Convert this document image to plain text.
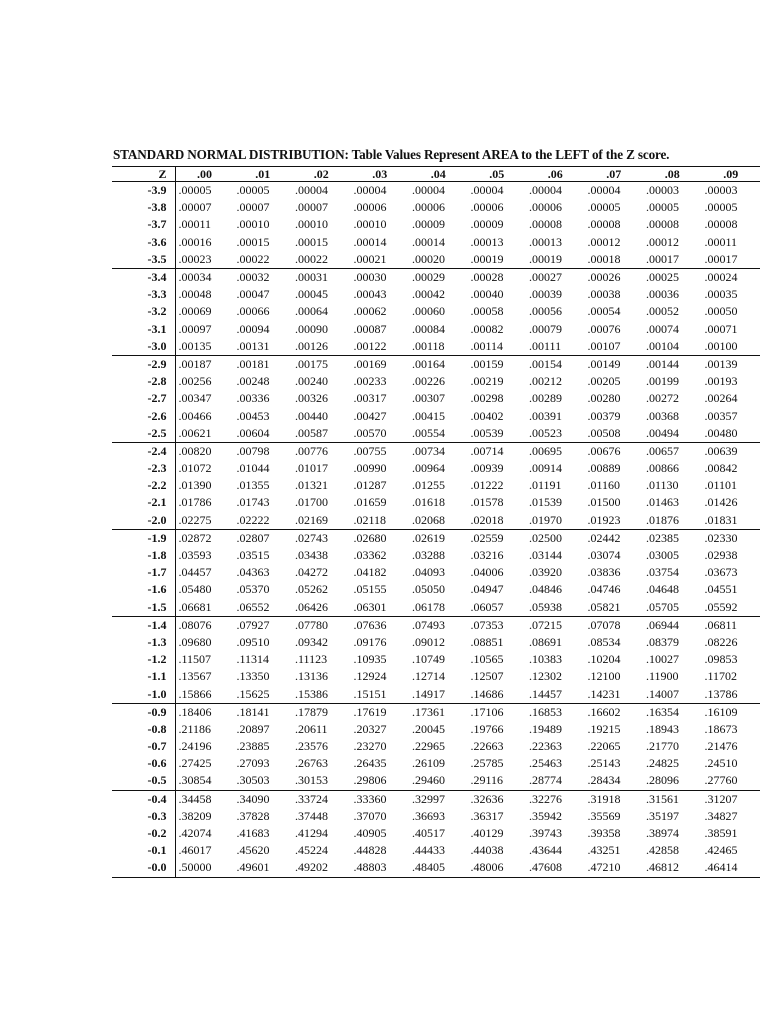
STANDARD NORMAL DISTRIBUTION: Table Values Represent AREA to the LEFT of the Z score.
Z	.00	.01	.02	.03	.04	.05	.06	.07	.08	.09
-3.9	.00005	.00005	.00004	.00004	.00004	.00004	.00004	.00004	.00003	.00003
-3.8	.00007	.00007	.00007	.00006	.00006	.00006	.00006	.00005	.00005	.00005
-3.7	.00011	.00010	.00010	.00010	.00009	.00009	.00008	.00008	.00008	.00008
-3.6	.00016	.00015	.00015	.00014	.00014	.00013	.00013	.00012	.00012	.00011
-3.5	.00023	.00022	.00022	.00021	.00020	.00019	.00019	.00018	.00017	.00017
-3.4	.00034	.00032	.00031	.00030	.00029	.00028	.00027	.00026	.00025	.00024
-3.3	.00048	.00047	.00045	.00043	.00042	.00040	.00039	.00038	.00036	.00035
-3.2	.00069	.00066	.00064	.00062	.00060	.00058	.00056	.00054	.00052	.00050
-3.1	.00097	.00094	.00090	.00087	.00084	.00082	.00079	.00076	.00074	.00071
-3.0	.00135	.00131	.00126	.00122	.00118	.00114	.00111	.00107	.00104	.00100
-2.9	.00187	.00181	.00175	.00169	.00164	.00159	.00154	.00149	.00144	.00139
-2.8	.00256	.00248	.00240	.00233	.00226	.00219	.00212	.00205	.00199	.00193
-2.7	.00347	.00336	.00326	.00317	.00307	.00298	.00289	.00280	.00272	.00264
-2.6	.00466	.00453	.00440	.00427	.00415	.00402	.00391	.00379	.00368	.00357
-2.5	.00621	.00604	.00587	.00570	.00554	.00539	.00523	.00508	.00494	.00480
-2.4	.00820	.00798	.00776	.00755	.00734	.00714	.00695	.00676	.00657	.00639
-2.3	.01072	.01044	.01017	.00990	.00964	.00939	.00914	.00889	.00866	.00842
-2.2	.01390	.01355	.01321	.01287	.01255	.01222	.01191	.01160	.01130	.01101
-2.1	.01786	.01743	.01700	.01659	.01618	.01578	.01539	.01500	.01463	.01426
-2.0	.02275	.02222	.02169	.02118	.02068	.02018	.01970	.01923	.01876	.01831
-1.9	.02872	.02807	.02743	.02680	.02619	.02559	.02500	.02442	.02385	.02330
-1.8	.03593	.03515	.03438	.03362	.03288	.03216	.03144	.03074	.03005	.02938
-1.7	.04457	.04363	.04272	.04182	.04093	.04006	.03920	.03836	.03754	.03673
-1.6	.05480	.05370	.05262	.05155	.05050	.04947	.04846	.04746	.04648	.04551
-1.5	.06681	.06552	.06426	.06301	.06178	.06057	.05938	.05821	.05705	.05592
-1.4	.08076	.07927	.07780	.07636	.07493	.07353	.07215	.07078	.06944	.06811
-1.3	.09680	.09510	.09342	.09176	.09012	.08851	.08691	.08534	.08379	.08226
-1.2	.11507	.11314	.11123	.10935	.10749	.10565	.10383	.10204	.10027	.09853
-1.1	.13567	.13350	.13136	.12924	.12714	.12507	.12302	.12100	.11900	.11702
-1.0	.15866	.15625	.15386	.15151	.14917	.14686	.14457	.14231	.14007	.13786
-0.9	.18406	.18141	.17879	.17619	.17361	.17106	.16853	.16602	.16354	.16109
-0.8	.21186	.20897	.20611	.20327	.20045	.19766	.19489	.19215	.18943	.18673
-0.7	.24196	.23885	.23576	.23270	.22965	.22663	.22363	.22065	.21770	.21476
-0.6	.27425	.27093	.26763	.26435	.26109	.25785	.25463	.25143	.24825	.24510
-0.5	.30854	.30503	.30153	.29806	.29460	.29116	.28774	.28434	.28096	.27760
-0.4	.34458	.34090	.33724	.33360	.32997	.32636	.32276	.31918	.31561	.31207
-0.3	.38209	.37828	.37448	.37070	.36693	.36317	.35942	.35569	.35197	.34827
-0.2	.42074	.41683	.41294	.40905	.40517	.40129	.39743	.39358	.38974	.38591
-0.1	.46017	.45620	.45224	.44828	.44433	.44038	.43644	.43251	.42858	.42465
-0.0	.50000	.49601	.49202	.48803	.48405	.48006	.47608	.47210	.46812	.46414
